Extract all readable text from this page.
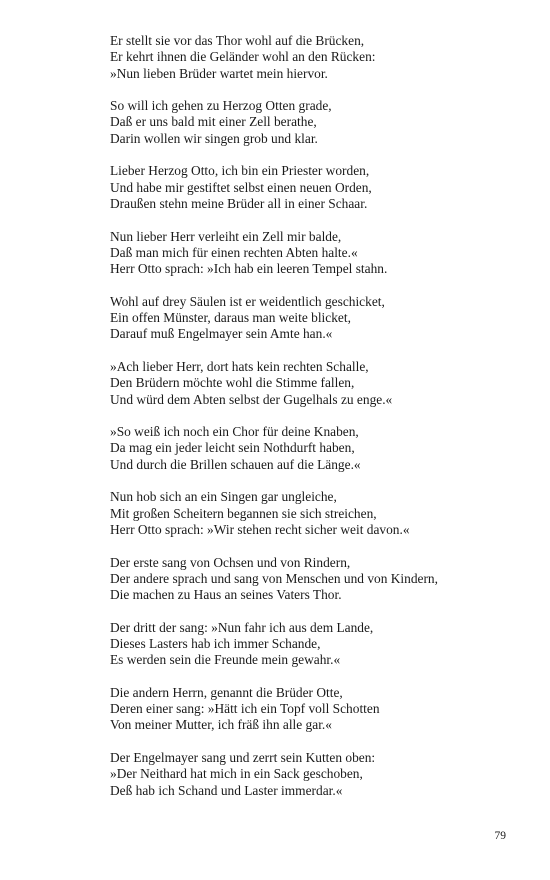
Er stellt sie vor das Thor wohl auf die Brücken,
Er kehrt ihnen die Geländer wohl an den Rücken:
»Nun lieben Brüder wartet mein hiervor.
So will ich gehen zu Herzog Otten grade,
Daß er uns bald mit einer Zell berathe,
Darin wollen wir singen grob und klar.
Lieber Herzog Otto, ich bin ein Priester worden,
Und habe mir gestiftet selbst einen neuen Orden,
Draußen stehn meine Brüder all in einer Schaar.
Nun lieber Herr verleiht ein Zell mir balde,
Daß man mich für einen rechten Abten halte.«
Herr Otto sprach: »Ich hab ein leeren Tempel stahn.
Wohl auf drey Säulen ist er weidentlich geschicket,
Ein offen Münster, daraus man weite blicket,
Darauf muß Engelmayer sein Amte han.«
»Ach lieber Herr, dort hats kein rechten Schalle,
Den Brüdern möchte wohl die Stimme fallen,
Und würd dem Abten selbst der Gugelhals zu enge.«
»So weiß ich noch ein Chor für deine Knaben,
Da mag ein jeder leicht sein Nothdurft haben,
Und durch die Brillen schauen auf die Länge.«
Nun hob sich an ein Singen gar ungleiche,
Mit großen Scheitern begannen sie sich streichen,
Herr Otto sprach: »Wir stehen recht sicher weit davon.«
Der erste sang von Ochsen und von Rindern,
Der andere sprach und sang von Menschen und von Kindern,
Die machen zu Haus an seines Vaters Thor.
Der dritt der sang: »Nun fahr ich aus dem Lande,
Dieses Lasters hab ich immer Schande,
Es werden sein die Freunde mein gewahr.«
Die andern Herrn, genannt die Brüder Otte,
Deren einer sang: »Hätt ich ein Topf voll Schotten
Von meiner Mutter, ich fräß ihn alle gar.«
Der Engelmayer sang und zerrt sein Kutten oben:
»Der Neithard hat mich in ein Sack geschoben,
Deß hab ich Schand und Laster immerdar.«
79
